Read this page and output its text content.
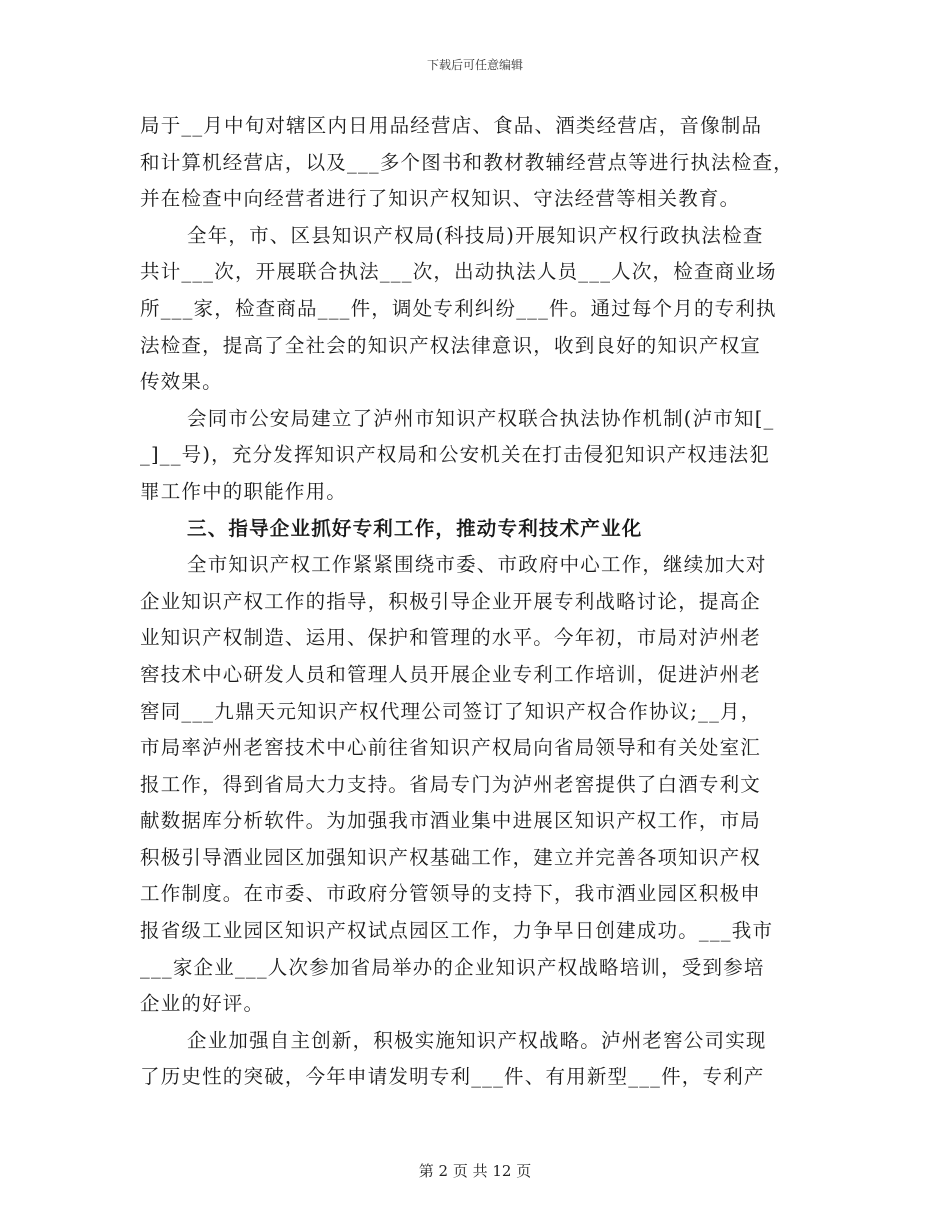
下载后可任意编辑
局于__月中旬对辖区内日用品经营店、食品、酒类经营店，音像制品
和计算机经营店，以及___多个图书和教材教辅经营点等进行执法检查，
并在检查中向经营者进行了知识产权知识、守法经营等相关教育。
全年，市、区县知识产权局(科技局)开展知识产权行政执法检查
共计___次，开展联合执法___次，出动执法人员___人次，检查商业场
所___家，检查商品___件，调处专利纠纷___件。通过每个月的专利执
法检查，提高了全社会的知识产权法律意识，收到良好的知识产权宣
传效果。
会同市公安局建立了泸州市知识产权联合执法协作机制(泸市知[_
_]__号)，充分发挥知识产权局和公安机关在打击侵犯知识产权违法犯
罪工作中的职能作用。
三、指导企业抓好专利工作，推动专利技术产业化
全市知识产权工作紧紧围绕市委、市政府中心工作，继续加大对
企业知识产权工作的指导，积极引导企业开展专利战略讨论，提高企
业知识产权制造、运用、保护和管理的水平。今年初，市局对泸州老
窖技术中心研发人员和管理人员开展企业专利工作培训，促进泸州老
窖同___九鼎天元知识产权代理公司签订了知识产权合作协议;__月，
市局率泸州老窖技术中心前往省知识产权局向省局领导和有关处室汇
报工作，得到省局大力支持。省局专门为泸州老窖提供了白酒专利文
献数据库分析软件。为加强我市酒业集中进展区知识产权工作，市局
积极引导酒业园区加强知识产权基础工作，建立并完善各项知识产权
工作制度。在市委、市政府分管领导的支持下，我市酒业园区积极申
报省级工业园区知识产权试点园区工作，力争早日创建成功。___我市
___家企业___人次参加省局举办的企业知识产权战略培训，受到参培
企业的好评。
企业加强自主创新，积极实施知识产权战略。泸州老窖公司实现
了历史性的突破，今年申请发明专利___件、有用新型___件，专利产
第 2 页 共 12 页
